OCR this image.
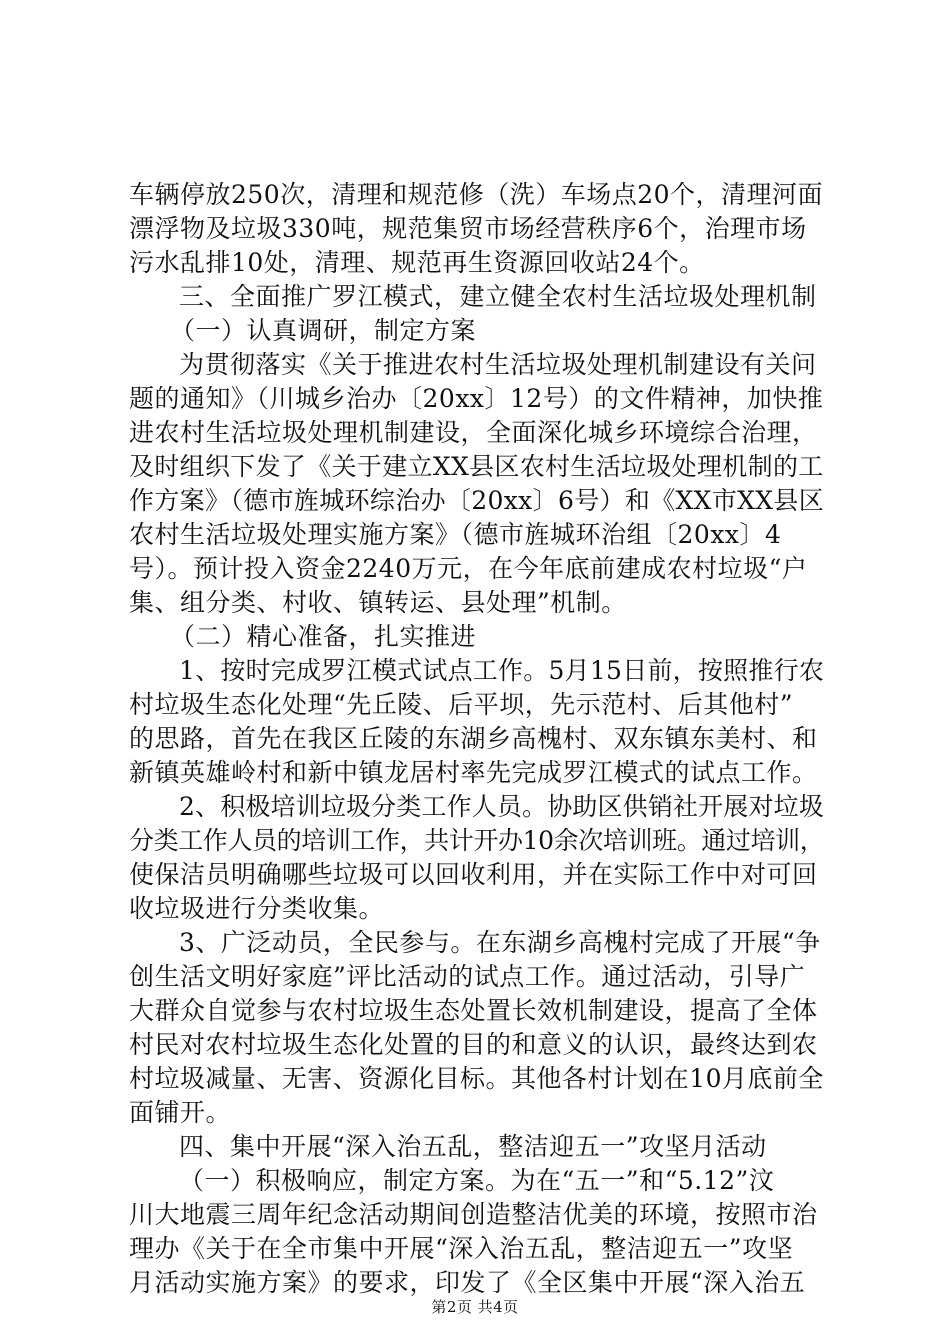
车辆停放250次，清理和规范修（洗）车场点20个，清理河面
漂浮物及垃圾330吨，规范集贸市场经营秩序6个，治理市场
污水乱排10处，清理、规范再生资源回收站24个。
三、全面推广罗江模式，建立健全农村生活垃圾处理机制
（一）认真调研，制定方案
为贯彻落实《关于推进农村生活垃圾处理机制建设有关问
题的通知》（川城乡治办〔20xx〕12号）的文件精神，加快推
进农村生活垃圾处理机制建设，全面深化城乡环境综合治理，
及时组织下发了《关于建立XX县区农村生活垃圾处理机制的工
作方案》（德市旌城环综治办〔20xx〕6号）和《XX市XX县区
农村生活垃圾处理实施方案》（德市旌城环治组〔20xx〕4
号）。预计投入资金2240万元，在今年底前建成农村垃圾“户
集、组分类、村收、镇转运、县处理”机制。
（二）精心准备，扎实推进
1、按时完成罗江模式试点工作。5月15日前，按照推行农
村垃圾生态化处理“先丘陵、后平坝，先示范村、后其他村”
的思路，首先在我区丘陵的东湖乡高槐村、双东镇东美村、和
新镇英雄岭村和新中镇龙居村率先完成罗江模式的试点工作。
2、积极培训垃圾分类工作人员。协助区供销社开展对垃圾
分类工作人员的培训工作，共计开办10余次培训班。通过培训，
使保洁员明确哪些垃圾可以回收利用，并在实际工作中对可回
收垃圾进行分类收集。
3、广泛动员，全民参与。在东湖乡高槐村完成了开展“争
创生活文明好家庭”评比活动的试点工作。通过活动，引导广
大群众自觉参与农村垃圾生态处置长效机制建设，提高了全体
村民对农村垃圾生态化处置的目的和意义的认识，最终达到农
村垃圾减量、无害、资源化目标。其他各村计划在10月底前全
面铺开。
四、集中开展“深入治五乱，整洁迎五一”攻坚月活动
（一）积极响应，制定方案。为在“五一”和“5.12”汶
川大地震三周年纪念活动期间创造整洁优美的环境，按照市治
理办《关于在全市集中开展“深入治五乱，整洁迎五一”攻坚
月活动实施方案》的要求，印发了《全区集中开展“深入治五
第2页 共4页
